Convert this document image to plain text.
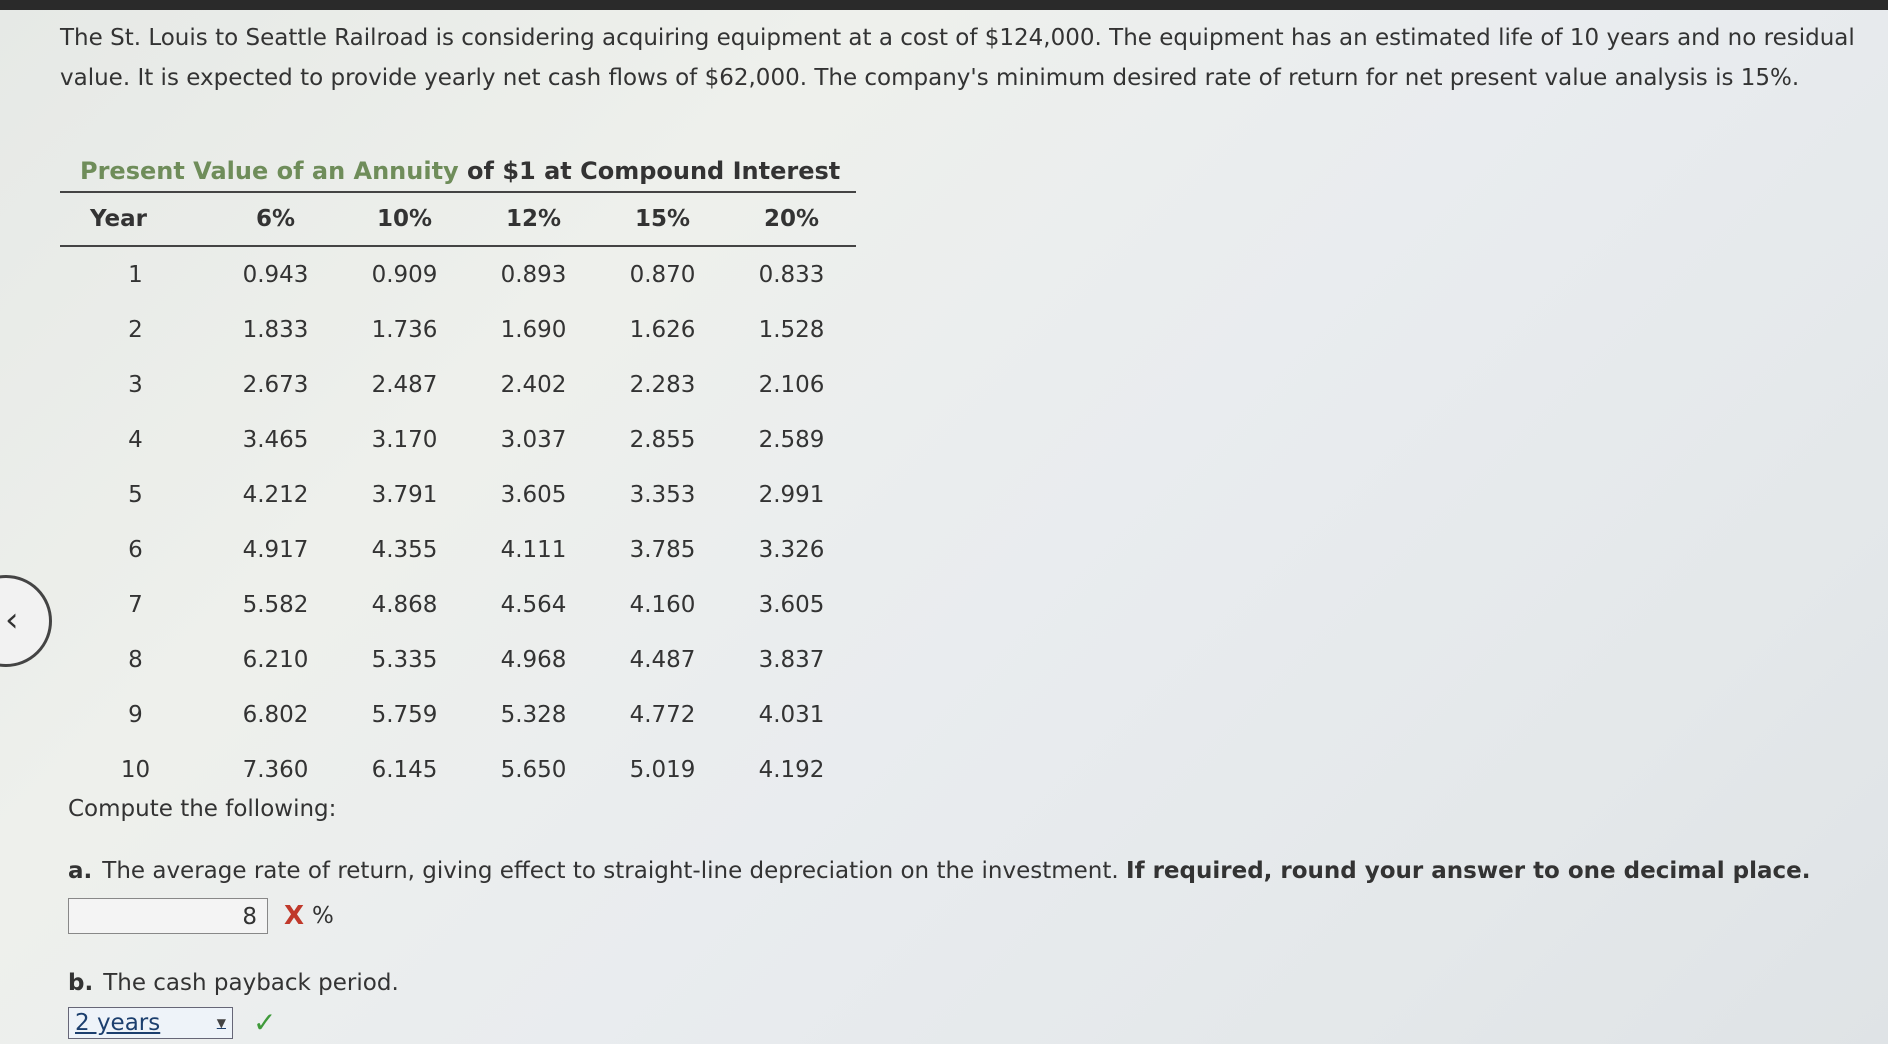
‹
The St. Louis to Seattle Railroad is considering acquiring equipment at a cost of $124,000. The equipment has an estimated life of 10 years and no residual value. It is expected to provide yearly net cash flows of $62,000. The company's minimum desired rate of return for net present value analysis is 15%.
Present Value of an Annuity of $1 at Compound Interest
Year	6%	10%	12%	15%	20%
1	0.943	0.909	0.893	0.870	0.833
2	1.833	1.736	1.690	1.626	1.528
3	2.673	2.487	2.402	2.283	2.106
4	3.465	3.170	3.037	2.855	2.589
5	4.212	3.791	3.605	3.353	2.991
6	4.917	4.355	4.111	3.785	3.326
7	5.582	4.868	4.564	4.160	3.605
8	6.210	5.335	4.968	4.487	3.837
9	6.802	5.759	5.328	4.772	4.031
10	7.360	6.145	5.650	5.019	4.192
Compute the following:
a. The average rate of return, giving effect to straight-line depreciation on the investment. If required, round your answer to one decimal place.
8	X %
b. The cash payback period.
2 years	▼ ✓
